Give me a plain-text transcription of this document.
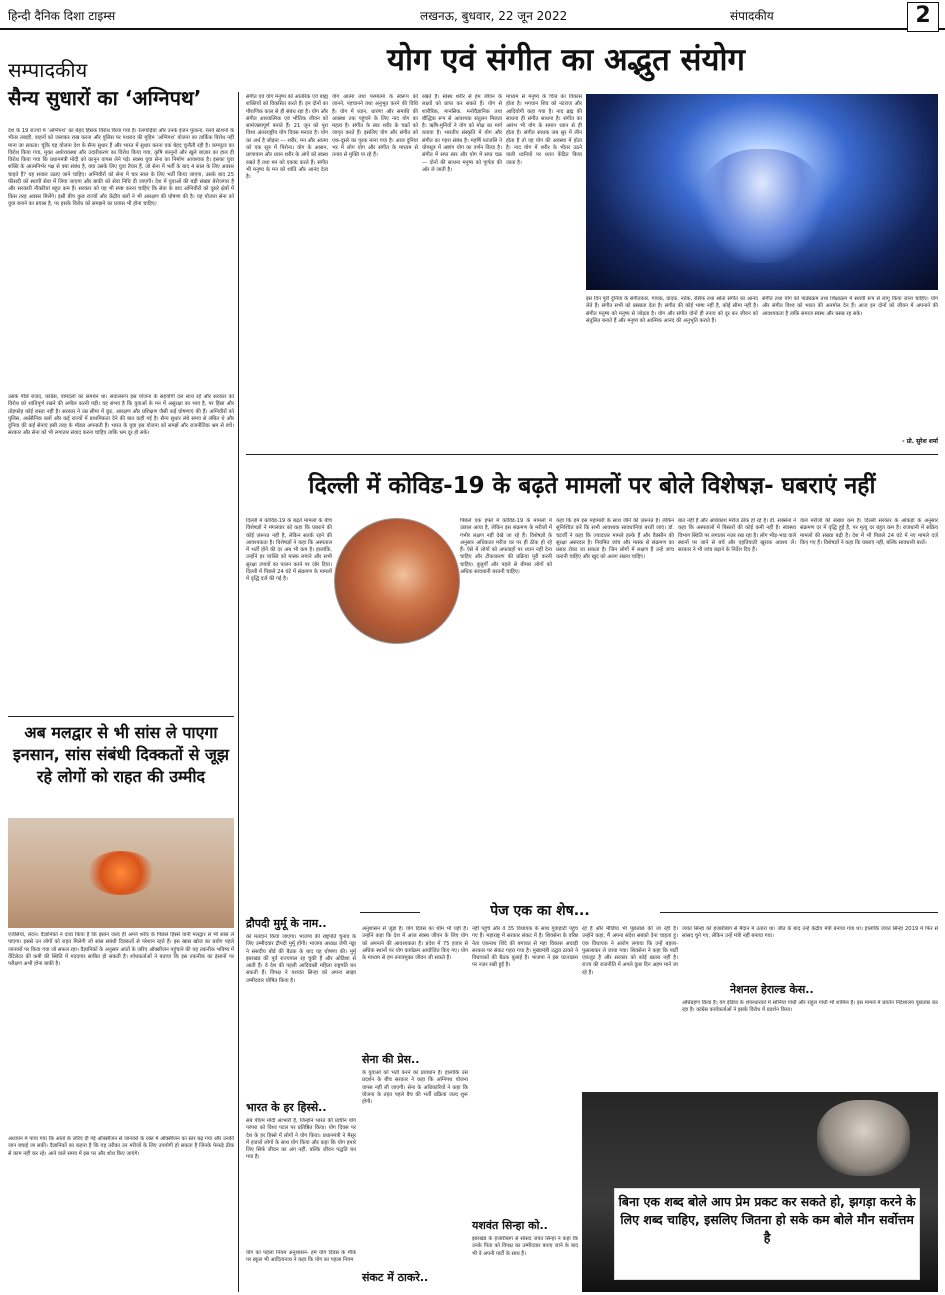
हिन्दी दैनिक दिशा टाइम्स	लखनऊ, बुधवार, 22 जून 2022	संपादकीय	2
सम्पादकीय
सैन्य सुधारों का ‘अग्निपथ’
देश के 19 राज्यों में ‘अग्निपथ’ का बेहद हिंसक विरोध किया गया है। रेलगाड़ियां और उनके इंजन फूंकना, रेलवे स्टेशनों के भीतर तबाही, वाहनों को जलाकर राख करना और पुलिस पर पथराव की मुहिम ‘अग्निपथ’ योजना का तार्किक विरोध नहीं माना जा सकता। चूंकि यह योजना देश के सैन्य सुधार हैं और भारत में सुधार करना एक बेहद चुनौती रही है। कम्प्यूटर का विरोध किया गया, मुक्त अर्थव्यवस्था और उदारीकरण का विरोध किया गया, कृषि कानूनों और खुले बाज़ार का हाल ही विरोध किया गया कि प्रधानमंत्री मोदी को कानून वापस लेने पड़े। स्वस्थ युवा सेना का निर्माण आवश्यक है। इसका युवा शक्ति के आत्मनिर्भर पक्ष से क्या संबंध है, क्या उसके लिए युवा तैयार हैं, जो सेना में भर्ती के बाद 4 साल के लिए अवसर चाहते हैं? यह सवाल उठाए जाने चाहिए। अग्निवीरों को सेना में चार साल के लिए भर्ती किया जाएगा, उसके बाद 25 फीसदी को स्थायी सेवा में लिया जाएगा और बाकी को सेवा निधि दी जाएगी। देश में युवाओं की बड़ी संख्या बेरोजगार है और सरकारी नौकरियां बहुत कम हैं। सरकार को यह भी स्पष्ट करना चाहिए कि सेवा के बाद अग्निवीरों को दूसरे क्षेत्रों में किस तरह अवसर मिलेंगे। इसी बीच कुछ राज्यों और केंद्रीय बलों ने भी आरक्षण की घोषणा की है। यह योजना सेना को युवा बनाने का प्रयास है, पर इसके विरोध को समझने का प्रयास भी होना चाहिए।
उसके पीछे राजद, कांग्रेस, वामदलों का समर्थन था। सवालरूप इस योजना के सहयोगी दल साथ रहे और सरकार को विरोध को शांतिपूर्ण रखने की अपील करनी पड़ी। यह संभव है कि युवाओं के मन में असुरक्षा का भाव है, पर हिंसा और तोड़फोड़ कोई रास्ता नहीं है। सरकार ने उम्र सीमा में छूट, आरक्षण और प्रशिक्षण जैसी कई घोषणाएं की हैं। अग्निवीरों को पुलिस, अर्धसैनिक बलों और कई राज्यों में प्राथमिकता देने की बात कही गई है। सैन्य सुधार लंबे समय से लंबित थे और दुनिया की कई सेनाएं इसी तरह के मॉडल अपनाती हैं। भारत के युवा इस योजना को समझें और राजनीतिक भ्रम से बचें। सरकार और सेना को भी लगातार संवाद करना चाहिए ताकि भ्रम दूर हो सके।
योग एवं संगीत का अद्भुत संयोग
संगीत एवं योग मनुष्य को आंतरिक एवं बाह्य शक्तियों को विकसित करते हैं। इन दोनों का पौराणिक काल से ही संबंध रहा है। योग और संगीत आध्यात्मिक एवं भौतिक जीवन को सामंजस्यपूर्ण बनाते हैं। 21 जून को पूरा विश्व अंतरराष्ट्रीय योग दिवस मनाता है। योग का अर्थ है जोड़ना — शरीर, मन और आत्मा को एक सूत्र में पिरोना। योग के आसन, प्राणायाम और ध्यान शरीर के अंगों को स्वस्थ रखते हैं तथा मन को एकाग्र करते हैं। संगीत भी मनुष्य के मन को शांति और आनंद देता है।
योग आत्मा तथा परमात्मा के स्वरूप को जानने, पहचानने तथा अनुभूत करने की विधि है। योग में ध्यान, धारणा और समाधि की अवस्था तक पहुंचने के लिए नाद योग का महत्व है। संगीत के स्वर शरीर के चक्रों को जागृत करते हैं। इसलिए योग और संगीत को एक-दूसरे का पूरक माना गया है। आज दुनिया भर में लोग योग और संगीत के माध्यम से तनाव से मुक्ति पा रहे हैं।
रखते हैं। स्वस्थ शरीर से हम जीवन के लक्ष्यों को प्राप्त कर सकते हैं। योग से शारीरिक, मानसिक, मनोवैज्ञानिक तथा बौद्धिक रूप से आवश्यक संतुलन मिलता है। ऋषि-मुनियों ने योग को मोक्ष का मार्ग बताया है। भारतीय संस्कृति में योग और संगीत का गहरा संबंध है। महर्षि पतंजलि ने योगसूत्र में अष्टांग योग का वर्णन किया है। संगीत में सप्त स्वर और योग में सप्त चक्र — दोनों की साधना मनुष्य को पूर्णता की ओर ले जाती है।
माध्यम से मनुष्य के चित्त का विकास होता है। भगवान शिव को नटराज और आदियोगी कहा गया है। नाद ब्रह्म की साधना ही संगीत साधना है। संगीत का आरंभ भी योग के समान ध्यान से ही होता है। संगीत साधक जब सुर में लीन होता है तो वह योग की अवस्था में होता है। नाद योग में शरीर के भीतर उठने वाली ध्वनियों पर ध्यान केंद्रित किया जाता है।
इस दिन पूरी दुनिया के संगीतकार, गायक, वादक, नर्तक, रसिक तथा श्रोता संगीत का आनंद लेते हैं। संगीत सभी को प्रसन्नता देता है। संगीत की कोई भाषा नहीं है, कोई सीमा नहीं है। संगीत मनुष्य को मनुष्य से जोड़ता है। योग और संगीत दोनों ही तनाव को दूर कर जीवन को संतुलित बनाते हैं और मनुष्य को आत्मिक आनंद की अनुभूति कराते हैं।
संगीत तथा योग को पाठ्यक्रम तथा शिक्षाक्रम में स्थायी रूप से लागू किया जाना चाहिए। योग और संगीत विश्व को भारत की अनमोल देन हैं। आज इन दोनों को जीवन में अपनाने की आवश्यकता है ताकि समाज स्वस्थ और प्रसन्न रह सके।
- प्रो. सुरेश शर्मा
दिल्ली में कोविड-19 के बढ़ते मामलों पर बोले विशेषज्ञ- घबराएं नहीं
दिल्ली में कोविड-19 के बढ़ते मामलों के बीच विशेषज्ञों ने मंगलवार को कहा कि घबराने की कोई ज़रूरत नहीं है, लेकिन सतर्क रहने की आवश्यकता है। विशेषज्ञों ने कहा कि अस्पताल में भर्ती होने की दर अब भी कम है। हालांकि, उन्होंने हर व्यक्ति को मास्क लगाने और सभी सुरक्षा उपायों का पालन करने पर ज़ोर दिया। दिल्ली में पिछले 24 घंटे में संक्रमण के मामलों में वृद्धि दर्ज की गई है।
पिछले एक हफ्ते में कोविड-19 के मामलों में उछाल आया है, लेकिन इस संक्रमण के मरीजों में गंभीर लक्षण नहीं देखे जा रहे हैं। विशेषज्ञों के अनुसार अधिकतर मरीज घर पर ही ठीक हो रहे हैं। ऐसे में लोगों को अफवाहों पर ध्यान नहीं देना चाहिए और टीकाकरण की प्रक्रिया पूरी करनी चाहिए। बुजुर्गों और पहले से बीमार लोगों को अधिक सावधानी बरतनी चाहिए।
कहा कि हमें इस महामारी के साथ जीने की ज़रूरत है। लेकिन सुनिश्चित करें कि सभी आवश्यक सावधानियां बरती जाएं। डॉ. चटर्जी ने कहा कि ज्यादातर मामले हल्के हैं और वैक्सीन की सुरक्षा असरदार है। नियमित जांच और मास्क से संक्रमण का प्रसार रोका जा सकता है। जिन लोगों में लक्षण हैं उन्हें जांच करानी चाहिए और खुद को अलग रखना चाहिए।
बात नहीं है और अधिकांश मरीज ठीक हो रहे हैं। डॉ. सक्सेना ने कहा कि अस्पतालों में बिस्तरों की कोई कमी नहीं है। स्वास्थ्य विभाग स्थिति पर लगातार नज़र रख रहा है। लोग भीड़-भाड़ वाले स्थानों पर जाने से बचें और एहतियाती खुराक अवश्य लें। सरकार ने भी जांच बढ़ाने के निर्देश दिए हैं।
वाले मरीजों की संख्या कम है। दिल्ली सरकार के आंकड़ों के अनुसार संक्रमण दर में वृद्धि हुई है, पर मृत्यु दर बहुत कम है। राजधानी में सक्रिय मामलों की संख्या बढ़ी है। देश में भी पिछले 24 घंटे में नए मामले दर्ज किए गए हैं। विशेषज्ञों ने कहा कि घबराएं नहीं, बल्कि सावधानी बरतें।
अब मलद्वार से भी सांस ले पाएगा इनसान, सांस संबंधी दिक्कतों से जूझ रहे लोगों को राहत की उम्मीद
एजेंसियां, लंदन। वैज्ञानिकों ने दावा किया है कि इंसान जल्द ही अपने शरीर के पिछले हिस्से यानी मलद्वार से भी सांस ले पाएगा। इससे उन लोगों को राहत मिलेगी जो सांस संबंधी दिक्कतों से परेशान रहते हैं। इस खास खोज का प्रयोग पहले जानवरों पर किया गया जो सफल रहा। वैज्ञानिकों के अनुसार आंतों के जरिए ऑक्सीजन पहुंचाने की यह तकनीक भविष्य में वेंटिलेटर की कमी की स्थिति में मददगार साबित हो सकती है। शोधकर्ताओं ने बताया कि इस तकनीक का इंसानों पर परीक्षण अभी होना बाकी है।
अध्ययन में पाया गया कि आंतों के जरिए दी गई ऑक्सीजन से जानवरों के रक्त में ऑक्सीजन का स्तर बढ़ गया और उनकी जान बचाई जा सकी। वैज्ञानिकों का कहना है कि यह तरीका उन मरीजों के लिए उपयोगी हो सकता है जिनके फेफड़े ठीक से काम नहीं कर रहे। आने वाले समय में इस पर और शोध किए जाएंगे।
द्रौपदी मुर्मू के नाम..
को मतदान किया जाएगा। भाजपा की राष्ट्रपति चुनाव के लिए उम्मीदवार द्रौपदी मुर्मू होंगी। भाजपा अध्यक्ष जेपी नड्डा ने संसदीय बोर्ड की बैठक के बाद यह घोषणा की। मुर्मू झारखंड की पूर्व राज्यपाल रह चुकी हैं और ओडिशा से आती हैं। वे देश की पहली आदिवासी महिला राष्ट्रपति बन सकती हैं। विपक्ष ने यशवंत सिन्हा को अपना साझा उम्मीदवार घोषित किया है।
भारत के हर हिस्से..
सब पीएम मोदी आभारी हैं, जिन्होंने भारत की प्राचीन योग परंपरा को विश्व पटल पर प्रतिष्ठित किया। योग दिवस पर देश के हर हिस्से में लोगों ने योग किया। प्रधानमंत्री ने मैसूर में हजारों लोगों के साथ योग किया और कहा कि योग हमारे लिए सिर्फ जीवन का अंग नहीं, बल्कि जीवन पद्धति बन गया है।
योग का पहला नियम अनुशासन- हमें योग दिवस के मौके पर स्कूल भी आदित्यनाथ ने कहा कि योग का पहला नियम
पेज एक का शेष...
अनुशासन से जुड़ा है। योग दिवस का थीम भी यही है। उन्होंने कहा कि देश में आज स्वस्थ जीवन के लिए योग को अपनाने की आवश्यकता है। प्रदेश में 75 हजार से अधिक स्थानों पर योग कार्यक्रम आयोजित किए गए। योग के माध्यम से हम तनावमुक्त जीवन जी सकते हैं।
सेना की प्रेस..
के युवाओं को भर्ती करने का प्रावधान है। हालांकि उस प्रदर्शन के बीच सरकार ने कहा कि अग्निपथ योजना वापस नहीं ली जाएगी। सेना के अधिकारियों ने कहा कि योजना के तहत पहले बैच की भर्ती प्रक्रिया जल्द शुरू होगी।
संकट में ठाकरे..
नहीं पहुंचे और वे 35 विधायक के साथ गुवाहाटी पहुंच गए हैं। महाराष्ट्र में सरकार संकट में है। शिवसेना के वरिष्ठ नेता एकनाथ शिंदे की बगावत से महा विकास अघाड़ी सरकार पर संकट गहरा गया है। मुख्यमंत्री उद्धव ठाकरे ने विधायकों की बैठक बुलाई है। भाजपा ने इस घटनाक्रम पर नज़र रखी हुई है।
यशवंत सिन्हा को..
झारखंड के हजारीबाग से सांसद जयंत सिन्हा ने कहा कि उनके पिता को विपक्ष का उम्मीदवार बनाए जाने के बाद भी वे अपनी पार्टी के साथ हैं।
रहे हैं और मीडिया भी पूछताछ की जा रही है। उन्होंने कहा, मैं अपना संदेश सबको देना चाहता हूं। एक विधायक ने आरोप लगाया कि उन्हें बहला-फुसलाकर ले जाया गया। शिवसेना ने कहा कि पार्टी एकजुट है और सरकार को कोई खतरा नहीं है। राज्य की राजनीति में अगले कुछ दिन अहम माने जा रहे हैं।
जयंत सिन्हा को हजारीबाग से मैदान में उतारा था। जीत के बाद उन्हें केंद्रीय मंत्री बनाया गया था। हालांकि जयंत सिन्हा 2019 में फिर से सांसद चुने गए, लेकिन उन्हें मंत्री नहीं बनाया गया।
नेशनल हेराल्ड केस..
अधिग्रहण किया है। यंग इंडिया के शेयरधारकों में सोनिया गांधी और राहुल गांधी भी शामिल हैं। इस मामले में प्रवर्तन निदेशालय पूछताछ कर रहा है। कांग्रेस कार्यकर्ताओं ने इसके विरोध में प्रदर्शन किया।
बिना एक शब्द बोले आप प्रेम प्रकट कर सकते हो, झगड़ा करने के लिए शब्द चाहिए, इसलिए जितना हो सके कम बोले मौन सर्वोत्तम है
